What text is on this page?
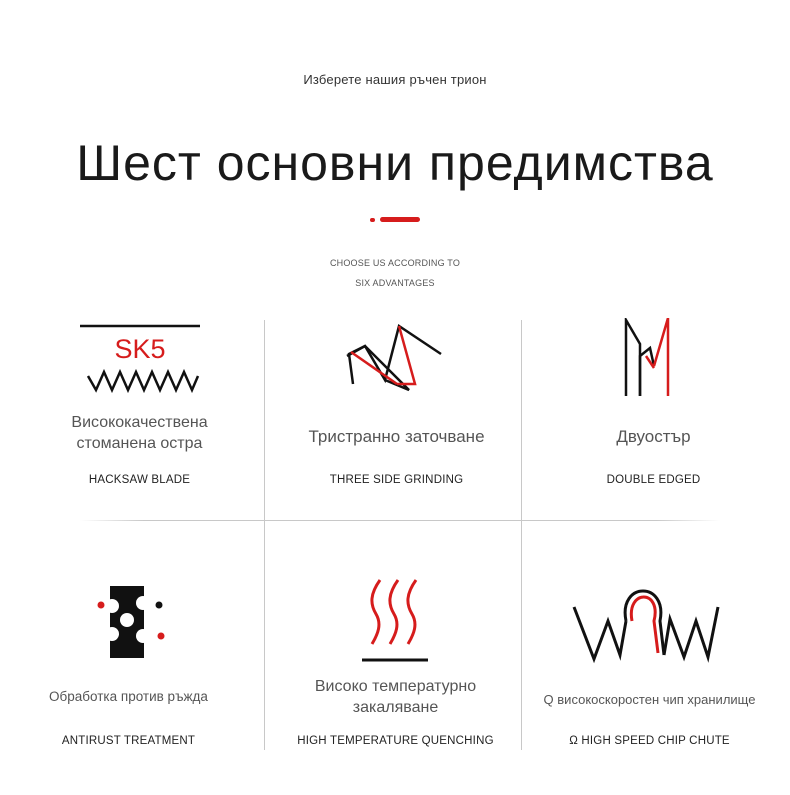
Изберете нашия ръчен трион
Шест основни предимства
CHOOSE US ACCORDING TO
SIX ADVANTAGES
SK5
Висококачествена
стоманена остра
HACKSAW BLADE
Тристранно заточване
THREE SIDE GRINDING
Двуостър
DOUBLE EDGED
Обработка против ръжда
ANTIRUST TREATMENT
Високо температурно
закаляване
HIGH TEMPERATURE QUENCHING
Q високоскоростен чип хранилище
Ω HIGH SPEED CHIP CHUTE
